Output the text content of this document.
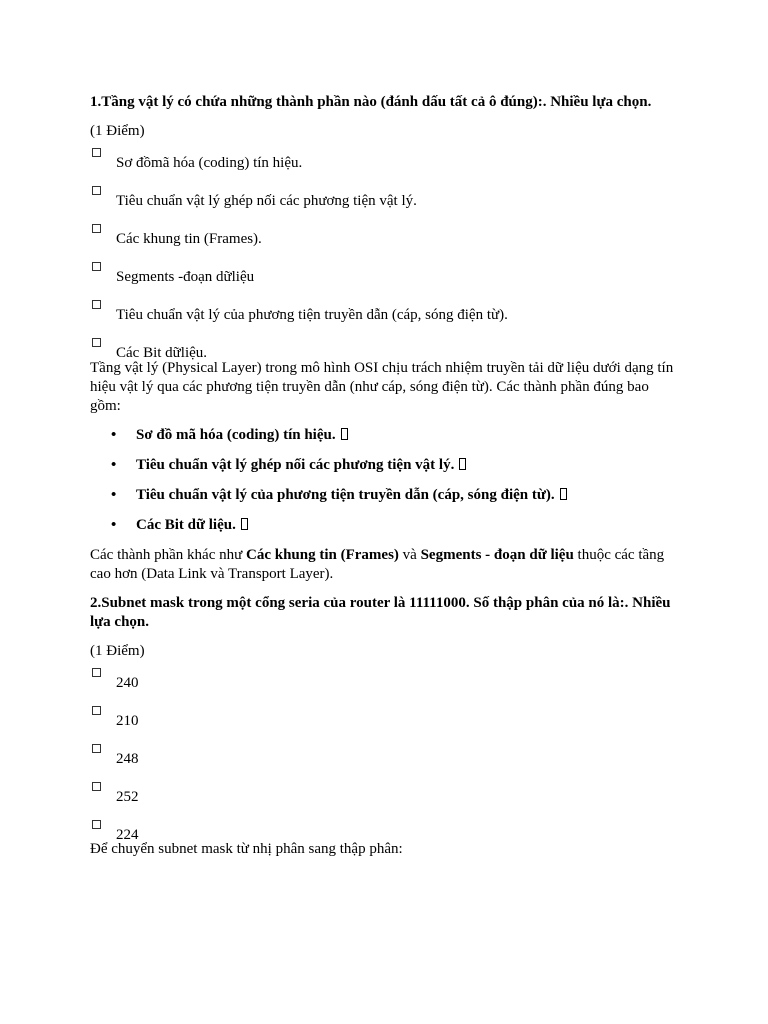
1.Tầng vật lý có chứa những thành phần nào (đánh dấu tất cả ô đúng):. Nhiều lựa chọn.

(1 Điểm)

Sơ đồmã hóa (coding) tín hiệu.
Tiêu chuẩn vật lý ghép nối các phương tiện vật lý.
Các khung tin (Frames).
Segments -đoạn dữliệu
Tiêu chuẩn vật lý của phương tiện truyền dẫn (cáp, sóng điện từ).
Các Bit dữliệu.

Tầng vật lý (Physical Layer) trong mô hình OSI chịu trách nhiệm truyền tải dữ liệu dưới dạng tín hiệu vật lý qua các phương tiện truyền dẫn (như cáp, sóng điện từ). Các thành phần đúng bao gồm:

• Sơ đồ mã hóa (coding) tín hiệu.
• Tiêu chuẩn vật lý ghép nối các phương tiện vật lý.
• Tiêu chuẩn vật lý của phương tiện truyền dẫn (cáp, sóng điện từ).
• Các Bit dữ liệu.

Các thành phần khác như Các khung tin (Frames) và Segments - đoạn dữ liệu thuộc các tầng cao hơn (Data Link và Transport Layer).

2.Subnet mask trong một cổng seria của router là 11111000. Số thập phân của nó là:. Nhiều lựa chọn.

(1 Điểm)

240
210
248
252
224

Để chuyển subnet mask từ nhị phân sang thập phân:
